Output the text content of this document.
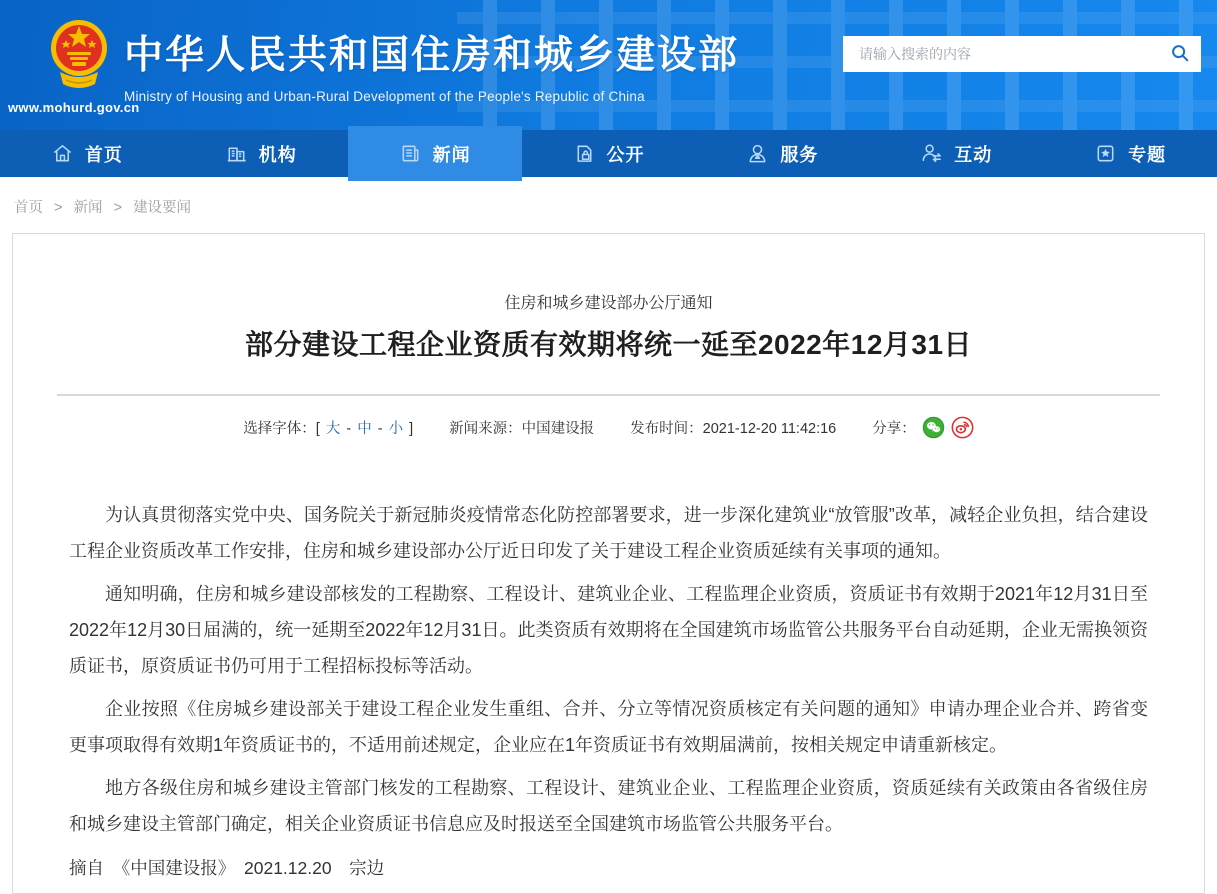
www.mohurd.gov.cn
中华人民共和国住房和城乡建设部
Ministry of Housing and Urban-Rural Development of the People's Republic of China
请输入搜索的内容
首页	机构	新闻	公开	服务	互动	专题
首页 > 新闻 > 建设要闻
住房和城乡建设部办公厅通知
部分建设工程企业资质有效期将统一延至2022年12月31日
选择字体：[ 大 - 中 - 小 ] 新闻来源：中国建设报 发布时间：2021-12-20 11:42:16 分享：

为认真贯彻落实党中央、国务院关于新冠肺炎疫情常态化防控部署要求，进一步深化建筑业“放管服”改革，减轻企业负担，结合建设工程企业资质改革工作安排，住房和城乡建设部办公厅近日印发了关于建设工程企业资质延续有关事项的通知。

通知明确，住房和城乡建设部核发的工程勘察、工程设计、建筑业企业、工程监理企业资质，资质证书有效期于2021年12月31日至2022年12月30日届满的，统一延期至2022年12月31日。此类资质有效期将在全国建筑市场监管公共服务平台自动延期，企业无需换领资质证书，原资质证书仍可用于工程招标投标等活动。

企业按照《住房城乡建设部关于建设工程企业发生重组、合并、分立等情况资质核定有关问题的通知》申请办理企业合并、跨省变更事项取得有效期1年资质证书的，不适用前述规定，企业应在1年资质证书有效期届满前，按相关规定申请重新核定。

地方各级住房和城乡建设主管部门核发的工程勘察、工程设计、建筑业企业、工程监理企业资质，资质延续有关政策由各省级住房和城乡建设主管部门确定，相关企业资质证书信息应及时报送至全国建筑市场监管公共服务平台。

摘自　《中国建设报》　2021.12.20　宗边
